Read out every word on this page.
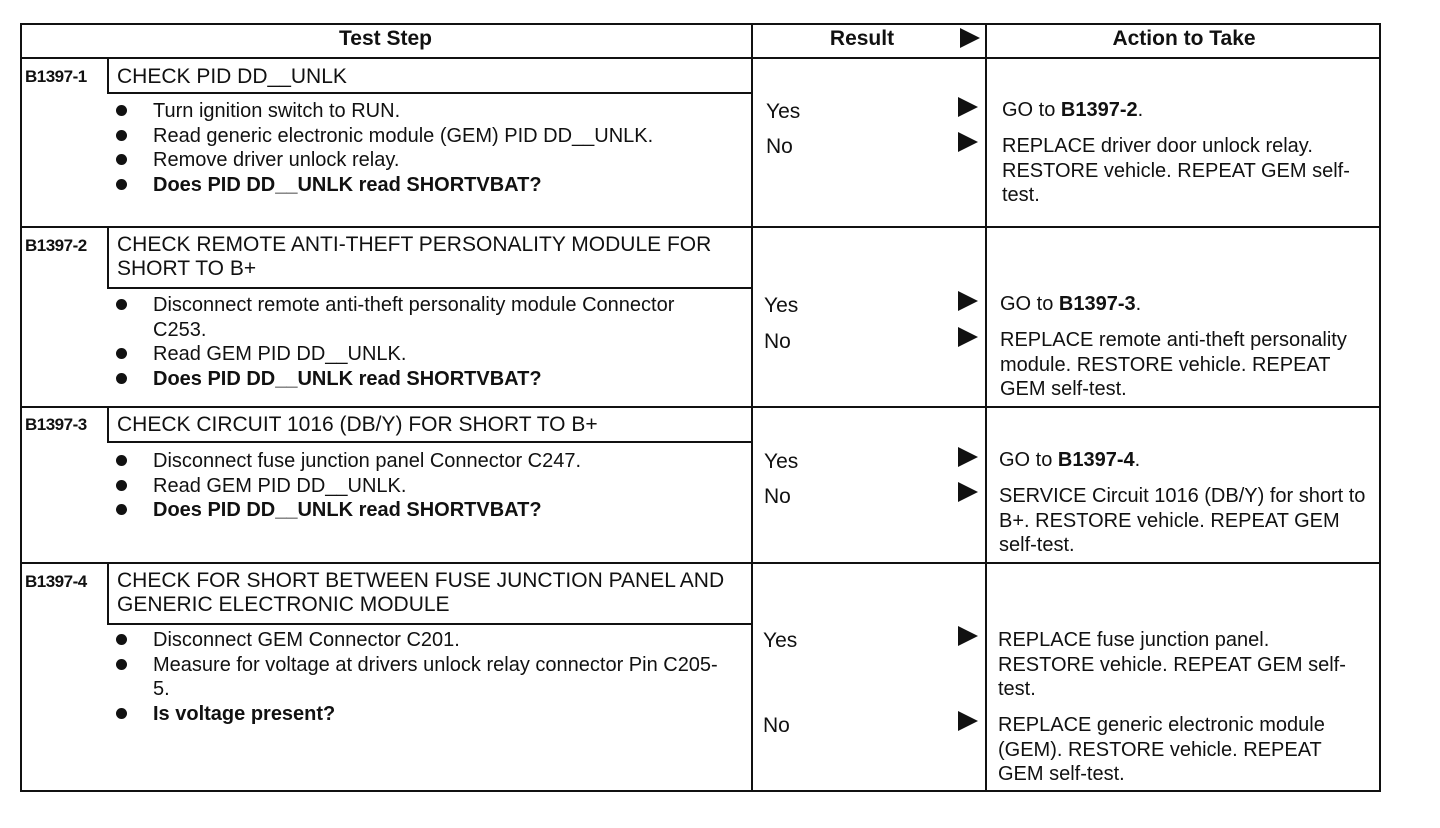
Test Step	Result	Action to Take
B1397-1 CHECK PID DD__UNLK
Turn ignition switch to RUN.
Read generic electronic module (GEM) PID DD__UNLK.
Remove driver unlock relay.
Does PID DD__UNLK read SHORTVBAT?
Yes
No
GO to B1397-2.
REPLACE driver door unlock relay. RESTORE vehicle. REPEAT GEM self-test.
B1397-2 CHECK REMOTE ANTI-THEFT PERSONALITY MODULE FOR SHORT TO B+
Disconnect remote anti-theft personality module Connector C253.
Read GEM PID DD__UNLK.
Does PID DD__UNLK read SHORTVBAT?
Yes
No
GO to B1397-3.
REPLACE remote anti-theft personality module. RESTORE vehicle. REPEAT GEM self-test.
B1397-3 CHECK CIRCUIT 1016 (DB/Y) FOR SHORT TO B+
Disconnect fuse junction panel Connector C247.
Read GEM PID DD__UNLK.
Does PID DD__UNLK read SHORTVBAT?
Yes
No
GO to B1397-4.
SERVICE Circuit 1016 (DB/Y) for short to B+. RESTORE vehicle. REPEAT GEM self-test.
B1397-4 CHECK FOR SHORT BETWEEN FUSE JUNCTION PANEL AND GENERIC ELECTRONIC MODULE
Disconnect GEM Connector C201.
Measure for voltage at drivers unlock relay connector Pin C205-5.
Is voltage present?
Yes
No
REPLACE fuse junction panel. RESTORE vehicle. REPEAT GEM self-test.
REPLACE generic electronic module (GEM). RESTORE vehicle. REPEAT GEM self-test.
